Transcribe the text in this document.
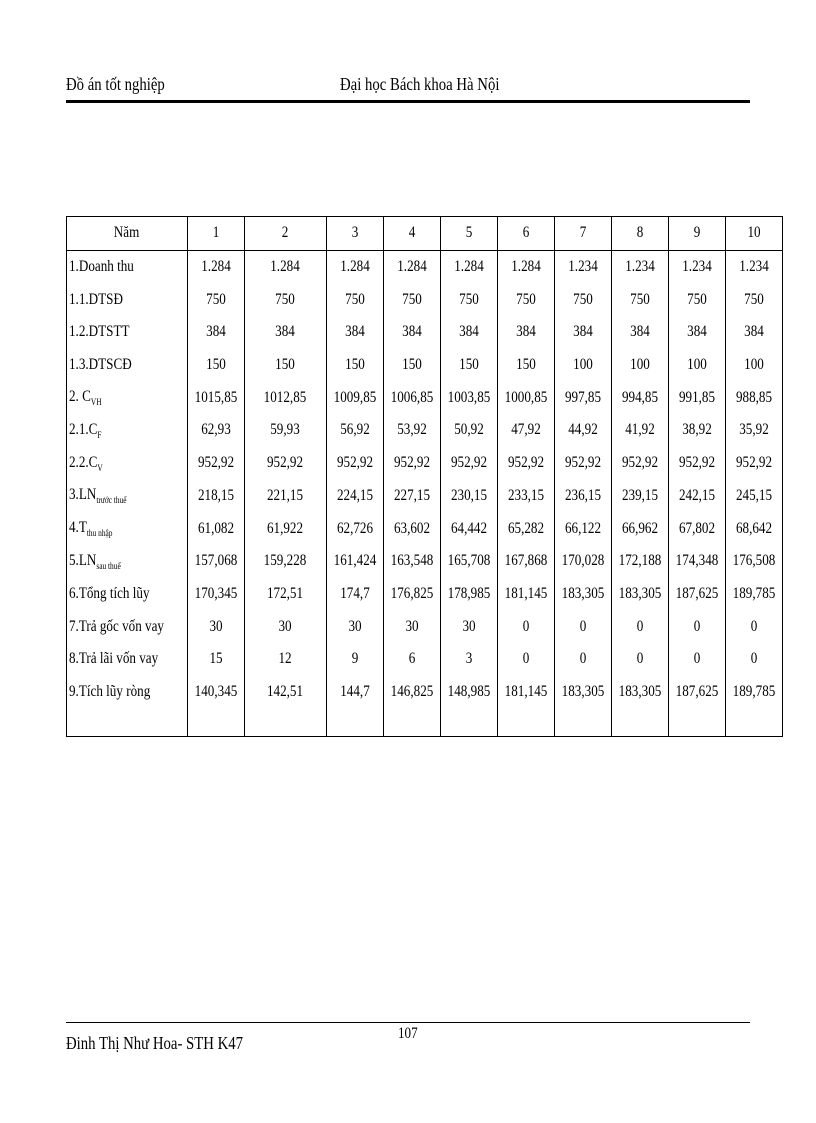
Đồ án tốt nghiệp	Đại học Bách khoa Hà Nội
Năm	1	2	3	4	5	6	7	8	9	10
1.Doanh thu	1.284	1.284	1.284	1.284	1.284	1.284	1.234	1.234	1.234	1.234
1.1.DTSĐ	750	750	750	750	750	750	750	750	750	750
1.2.DTSTT	384	384	384	384	384	384	384	384	384	384
1.3.DTSCĐ	150	150	150	150	150	150	100	100	100	100
2. $C_{VH}$	1015,85	1012,85	1009,85	1006,85	1003,85	1000,85	997,85	994,85	991,85	988,85
$2.1.C_F$	62,93	59,93	56,92	53,92	50,92	47,92	44,92	41,92	38,92	35,92
$2.2.C_V$	952,92	952,92	952,92	952,92	952,92	952,92	952,92	952,92	952,92	952,92
$3.LN_{trước thuế}$	218,15	221,15	224,15	227,15	230,15	233,15	236,15	239,15	242,15	245,15
$4.T_{thu nhập}$	61,082	61,922	62,726	63,602	64,442	65,282	66,122	66,962	67,802	68,642
$5.LN_{sau thuế}$	157,068	159,228	161,424	163,548	165,708	167,868	170,028	172,188	174,348	176,508
6.Tổng tích lũy	170,345	172,51	174,7	176,825	178,985	181,145	183,305	183,305	187,625	189,785
7.Trả gốc vốn vay	30	30	30	30	30	0	0	0	0	0
8.Trả lãi vốn vay	15	12	9	6	3	0	0	0	0	0
9.Tích lũy ròng	140,345	142,51	144,7	146,825	148,985	181,145	183,305	183,305	187,625	189,785

Đinh Thị Như Hoa- STH K47	107
